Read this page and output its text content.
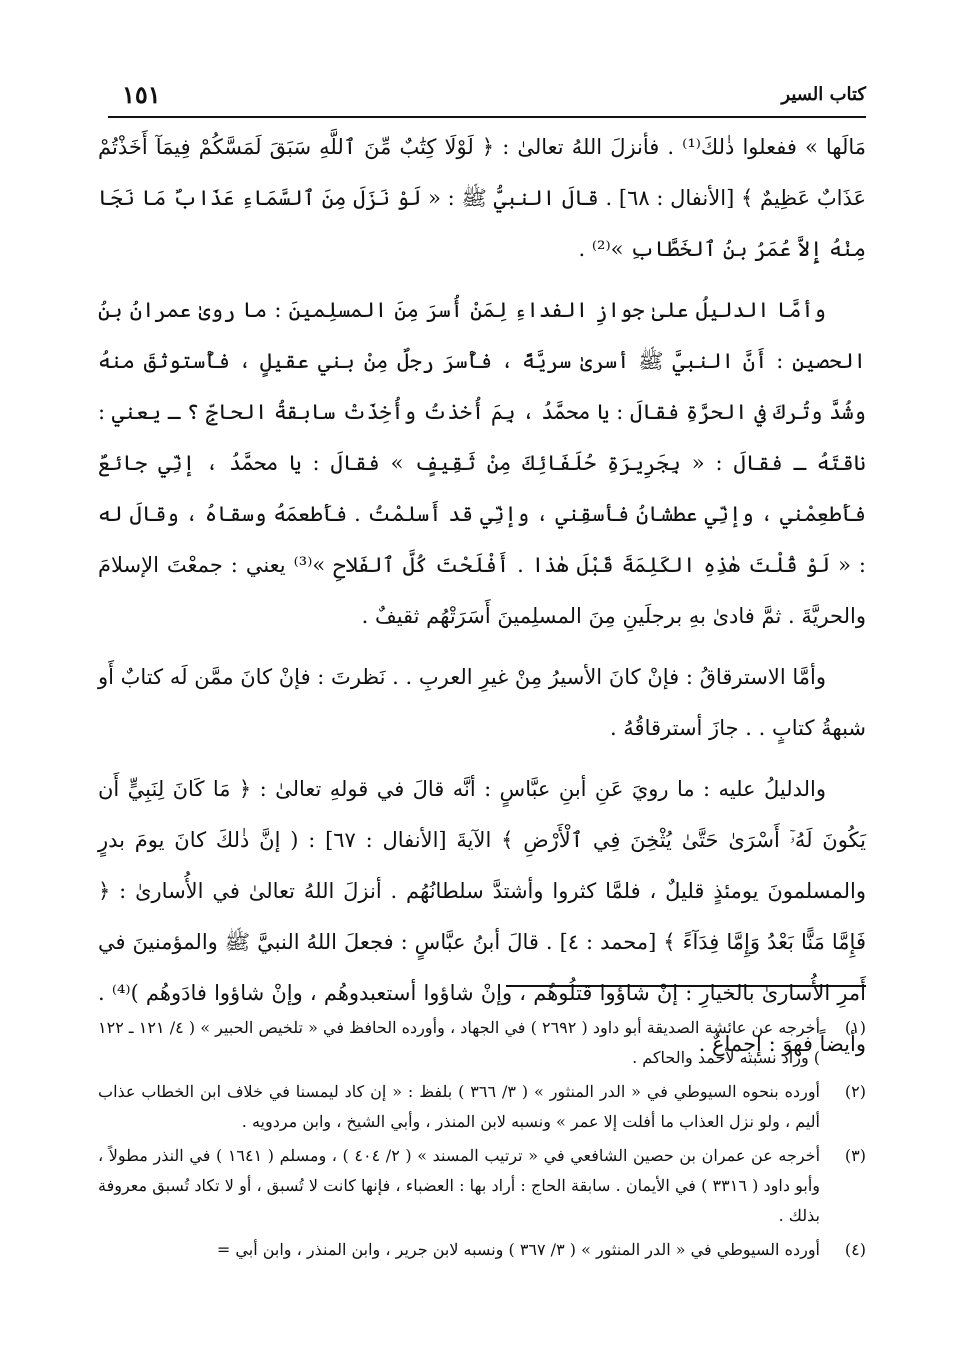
كتاب السير
١٥١

مَالَها » ففعلوا ذٰلكَ⁽¹⁾ . فأنزلَ اللهُ تعالىٰ : ﴿ لَوْلَا كِتَٰبٌ مِّنَ ٱللَّهِ سَبَقَ لَمَسَّكُمْ فِيمَآ أَخَذْتُمْ عَذَابٌ عَظِيمٌ ﴾ [الأنفال : ٦٨] . قالَ النبيُّ ﷺ : « لَوْ نَزَلَ مِنَ ٱلسَّمَاءِ عَذَابٌ مَا نَجَا مِنْهُ إِلاَّ عُمَرُ بنُ ٱلخَطَّابِ »⁽²⁾ .

وأمَّا الدليلُ علىٰ جوازِ الفداءِ لِمَنْ أُسرَ مِنَ المسلِمينَ : ما روىٰ عمرانُ بنُ الحصينِ : أَنَّ النبيَّ ﷺ أسرىٰ سريَّةً ، فأُسرَ رجلٌ مِنْ بني عقيلٍ ، فأُستوثقَ منهُ وشُدَّ وتُركَ في الحرَّةِ فقالَ : يا محمَّدُ ، بِمَ أُخذتُ وأُخِذَتْ سابقةُ الحاجِّ ؟ ـ يعني : ناقتَهُ ـ فقالَ : « بِجَرِيرَةِ حُلَفَائِكَ مِنْ ثَقِيفٍ » فقالَ : يا محمَّدُ ، إنِّي جائعٌ فأَطعِمْني ، وإنِّي عطشانُ فأسقِني ، وإنِّي قد أَسلمْتُ . فأَطعمَهُ وسقاهُ ، وقالَ له : « لَوْ قُلْتَ هٰذِهِ الكَلِمَةَ قَبْلَ هٰذا . أَفْلَحْتَ كُلَّ ٱلفَلاحِ »⁽³⁾ يعني : جمعْتَ الإسلامَ والحريَّةَ . ثمَّ فادىٰ بهِ برجلَينِ مِنَ المسلِمينَ أَسَرَتْهُم ثقيفٌ .

وأمَّا الاسترقاقُ : فإنْ كانَ الأسيرُ مِنْ غيرِ العربِ . . نَظرتَ : فإنْ كانَ ممَّن لَه كتابٌ أَو شبهةُ كتابٍ . . جازَ أسترقاقُهُ .

والدليلُ عليه : ما رويَ عَنِ أبنِ عبَّاسٍ : أنَّه قالَ في قولهِ تعالىٰ : ﴿ مَا كَانَ لِنَبِيٍّ أَن يَكُونَ لَهُۥٓ أَسْرَىٰ حَتَّىٰ يُثْخِنَ فِي ٱلْأَرْضِ ﴾ الآيةَ [الأنفال : ٦٧] : ( إنَّ ذٰلكَ كانَ يومَ بدرٍ والمسلمونَ يومئذٍ قليلٌ ، فلمَّا كثروا وأشتدَّ سلطانُهُم . أنزلَ اللهُ تعالىٰ في الأُسارىٰ : ﴿ فَإِمَّا مَنًّا بَعْدُ وَإِمَّا فِدَآءً ﴾ [محمد : ٤] . قالَ أبنُ عبَّاسٍ : فجعلَ اللهُ النبيَّ ﷺ والمؤمنينَ في أَمرِ الأُسارىٰ بالخيارِ : إنْ شاؤوا قتلُوهُم ، وإنْ شاؤوا أستعبدوهُم ، وإنْ شاؤوا فادَوهُم )⁽⁴⁾ . وأيضاً فهوَ : إجماعٌ .

(١)
أخرجه عن عائشة الصديقة أبو داود ( ٢٦٩٢ ) في الجهاد ، وأورده الحافظ في « تلخيص الحبير » ( ٤/ ١٢١ ـ ١٢٢ ) وزاد نسبته لأحمد والحاكم .
(٢)
أورده بنحوه السيوطي في « الدر المنثور » ( ٣/ ٣٦٦ ) بلفظ : « إن كاد ليمسنا في خلاف ابن الخطاب عذاب أليم ، ولو نزل العذاب ما أفلت إلا عمر » ونسبه لابن المنذر ، وأبي الشيخ ، وابن مردويه .
(٣)
أخرجه عن عمران بن حصين الشافعي في « ترتيب المسند » ( ٢/ ٤٠٤ ) ، ومسلم ( ١٦٤١ ) في النذر مطولاً ، وأبو داود ( ٣٣١٦ ) في الأيمان . سابقة الحاج : أراد بها : العضباء ، فإنها كانت لا تُسبق ، أو لا تكاد تُسبق معروفة بذلك .
(٤)
أورده السيوطي في « الدر المنثور » ( ٣/ ٣٦٧ ) ونسبه لابن جرير ، وابن المنذر ، وابن أبي =
